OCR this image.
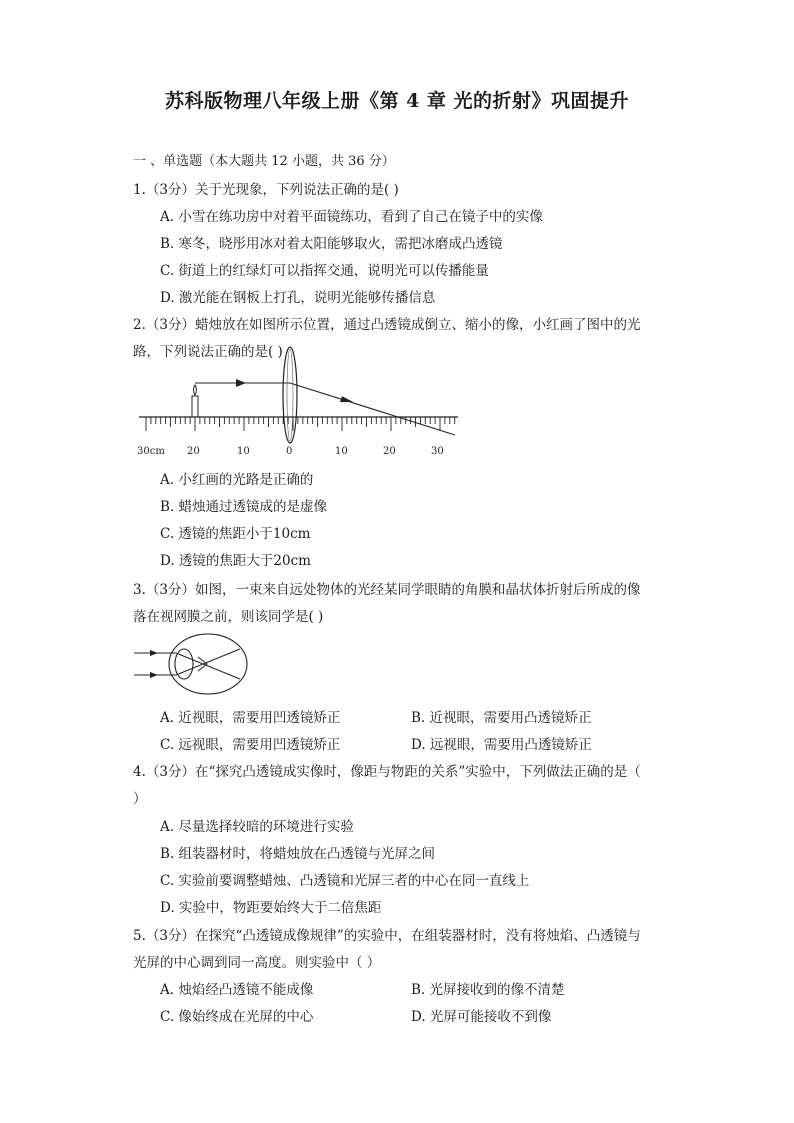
苏科版物理八年级上册《第 4 章 光的折射》巩固提升
一 、单选题（本大题共 12 小题，共 36 分）
1.（3分）关于光现象，下列说法正确的是( )
A. 小雪在练功房中对着平面镜练功，看到了自己在镜子中的实像
B. 寒冬，晓彤用冰对着太阳能够取火，需把冰磨成凸透镜
C. 街道上的红绿灯可以指挥交通，说明光可以传播能量
D. 激光能在钢板上打孔，说明光能够传播信息
2.（3分）蜡烛放在如图所示位置，通过凸透镜成倒立、缩小的像，小红画了图中的光
路，下列说法正确的是( )
30cm 20	10	0	10	20	30
A. 小红画的光路是正确的
B. 蜡烛通过透镜成的是虚像
C. 透镜的焦距小于10cm
D. 透镜的焦距大于20cm
3.（3分）如图，一束来自远处物体的光经某同学眼睛的角膜和晶状体折射后所成的像
落在视网膜之前，则该同学是( )
A. 近视眼，需要用凹透镜矫正	B. 近视眼，需要用凸透镜矫正
C. 远视眼，需要用凹透镜矫正	D. 远视眼，需要用凸透镜矫正
4.（3分）在“探究凸透镜成实像时，像距与物距的关系”实验中，下列做法正确的是（
）
A. 尽量选择较暗的环境进行实验
B. 组装器材时，将蜡烛放在凸透镜与光屏之间
C. 实验前要调整蜡烛、凸透镜和光屏三者的中心在同一直线上
D. 实验中，物距要始终大于二倍焦距
5.（3分）在探究“凸透镜成像规律”的实验中，在组装器材时，没有将烛焰、凸透镜与
光屏的中心调到同一高度。则实验中（ ）
A. 烛焰经凸透镜不能成像	B. 光屏接收到的像不清楚
C. 像始终成在光屏的中心	D. 光屏可能接收不到像
